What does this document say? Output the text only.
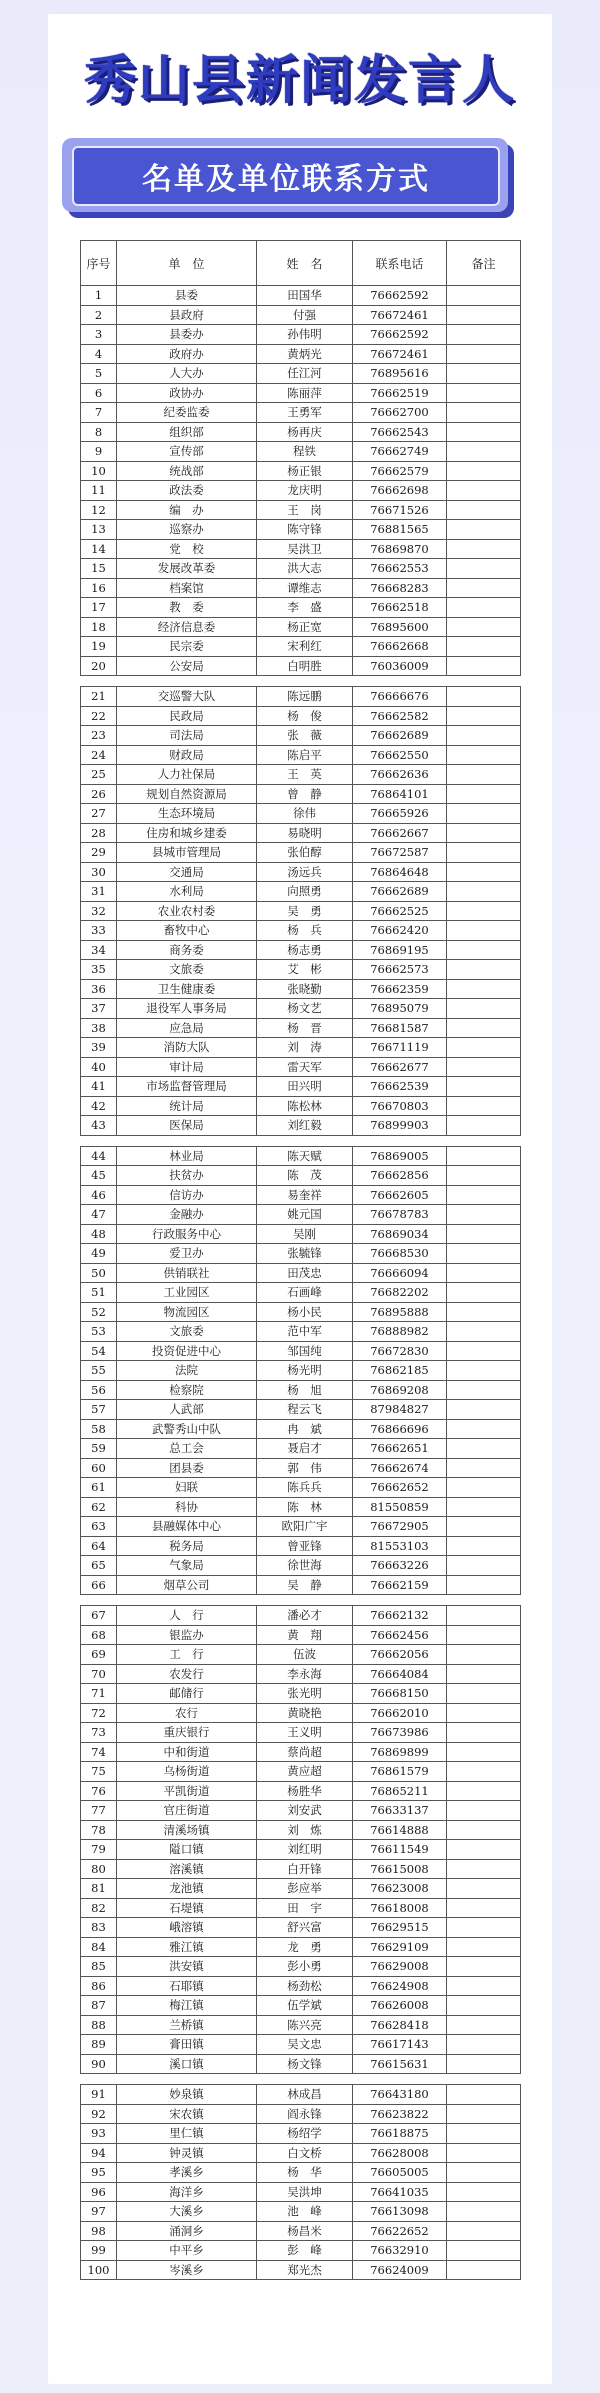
秀山县新闻发言人
名单及单位联系方式
序号	单　位	姓　名	联系电话	备注
1	县委	田国华	76662592	
2	县政府	付强	76672461	
3	县委办	孙伟明	76662592	
4	政府办	黄炳光	76672461	
5	人大办	任江河	76895616	
6	政协办	陈丽萍	76662519	
7	纪委监委	王勇军	76662700	
8	组织部	杨再庆	76662543	
9	宣传部	程铁	76662749	
10	统战部	杨正银	76662579	
11	政法委	龙庆明	76662698	
12	编　办	王　岗	76671526	
13	巡察办	陈守锋	76881565	
14	党　校	吴洪卫	76869870	
15	发展改革委	洪大志	76662553	
16	档案馆	谭维志	76668283	
17	教　委	李　盛	76662518	
18	经济信息委	杨正宽	76895600	
19	民宗委	宋利红	76662668	
20	公安局	白明胜	76036009	

21	交巡警大队	陈远鹏	76666676	
22	民政局	杨　俊	76662582	
23	司法局	张　薇	76662689	
24	财政局	陈启平	76662550	
25	人力社保局	王　英	76662636	
26	规划自然资源局	曾　静	76864101	
27	生态环境局	徐伟	76665926	
28	住房和城乡建委	易晓明	76662667	
29	县城市管理局	张伯醇	76672587	
30	交通局	汤远兵	76864648	
31	水利局	向照勇	76662689	
32	农业农村委	吴　勇	76662525	
33	畜牧中心	杨　兵	76662420	
34	商务委	杨志勇	76869195	
35	文旅委	艾　彬	76662573	
36	卫生健康委	张晓勤	76662359	
37	退役军人事务局	杨文艺	76895079	
38	应急局	杨　晋	76681587	
39	消防大队	刘　涛	76671119	
40	审计局	雷天军	76662677	
41	市场监督管理局	田兴明	76662539	
42	统计局	陈松林	76670803	
43	医保局	刘红毅	76899903	

44	林业局	陈天赋	76869005	
45	扶贫办	陈　茂	76662856	
46	信访办	易奎祥	76662605	
47	金融办	姚元国	76678783	
48	行政服务中心	吴刚	76869034	
49	爱卫办	张毓锋	76668530	
50	供销联社	田茂忠	76666094	
51	工业园区	石画峰	76682202	
52	物流园区	杨小民	76895888	
53	文旅委	范中军	76888982	
54	投资促进中心	邹国纯	76672830	
55	法院	杨光明	76862185	
56	检察院	杨　旭	76869208	
57	人武部	程云飞	87984827	
58	武警秀山中队	冉　斌	76866696	
59	总工会	聂启才	76662651	
60	团县委	郭　伟	76662674	
61	妇联	陈兵兵	76662652	
62	科协	陈　林	81550859	
63	县融媒体中心	欧阳广宇	76672905	
64	税务局	曾亚锋	81553103	
65	气象局	徐世海	76663226	
66	烟草公司	吴　静	76662159	

67	人　行	潘必才	76662132	
68	银监办	黄　翔	76662456	
69	工　行	伍波	76662056	
70	农发行	李永海	76664084	
71	邮储行	张光明	76668150	
72	农行	黄晓艳	76662010	
73	重庆银行	王义明	76673986	
74	中和街道	蔡尚超	76869899	
75	乌杨街道	黄应超	76861579	
76	平凯街道	杨胜华	76865211	
77	官庄街道	刘安武	76633137	
78	清溪场镇	刘　炼	76614888	
79	隘口镇	刘红明	76611549	
80	溶溪镇	白开锋	76615008	
81	龙池镇	彭应举	76623008	
82	石堤镇	田　宇	76618008	
83	峨溶镇	舒兴富	76629515	
84	雅江镇	龙　勇	76629109	
85	洪安镇	彭小勇	76629008	
86	石耶镇	杨劲松	76624908	
87	梅江镇	伍学斌	76626008	
88	兰桥镇	陈兴亮	76628418	
89	膏田镇	吴文忠	76617143	
90	溪口镇	杨文锋	76615631	

91	妙泉镇	林成昌	76643180	
92	宋农镇	阎永锋	76623822	
93	里仁镇	杨绍学	76618875	
94	钟灵镇	白文桥	76628008	
95	孝溪乡	杨　华	76605005	
96	海洋乡	吴洪坤	76641035	
97	大溪乡	池　峰	76613098	
98	涌洞乡	杨昌米	76622652	
99	中平乡	彭　峰	76632910	
100	岑溪乡	郑光杰	76624009	
